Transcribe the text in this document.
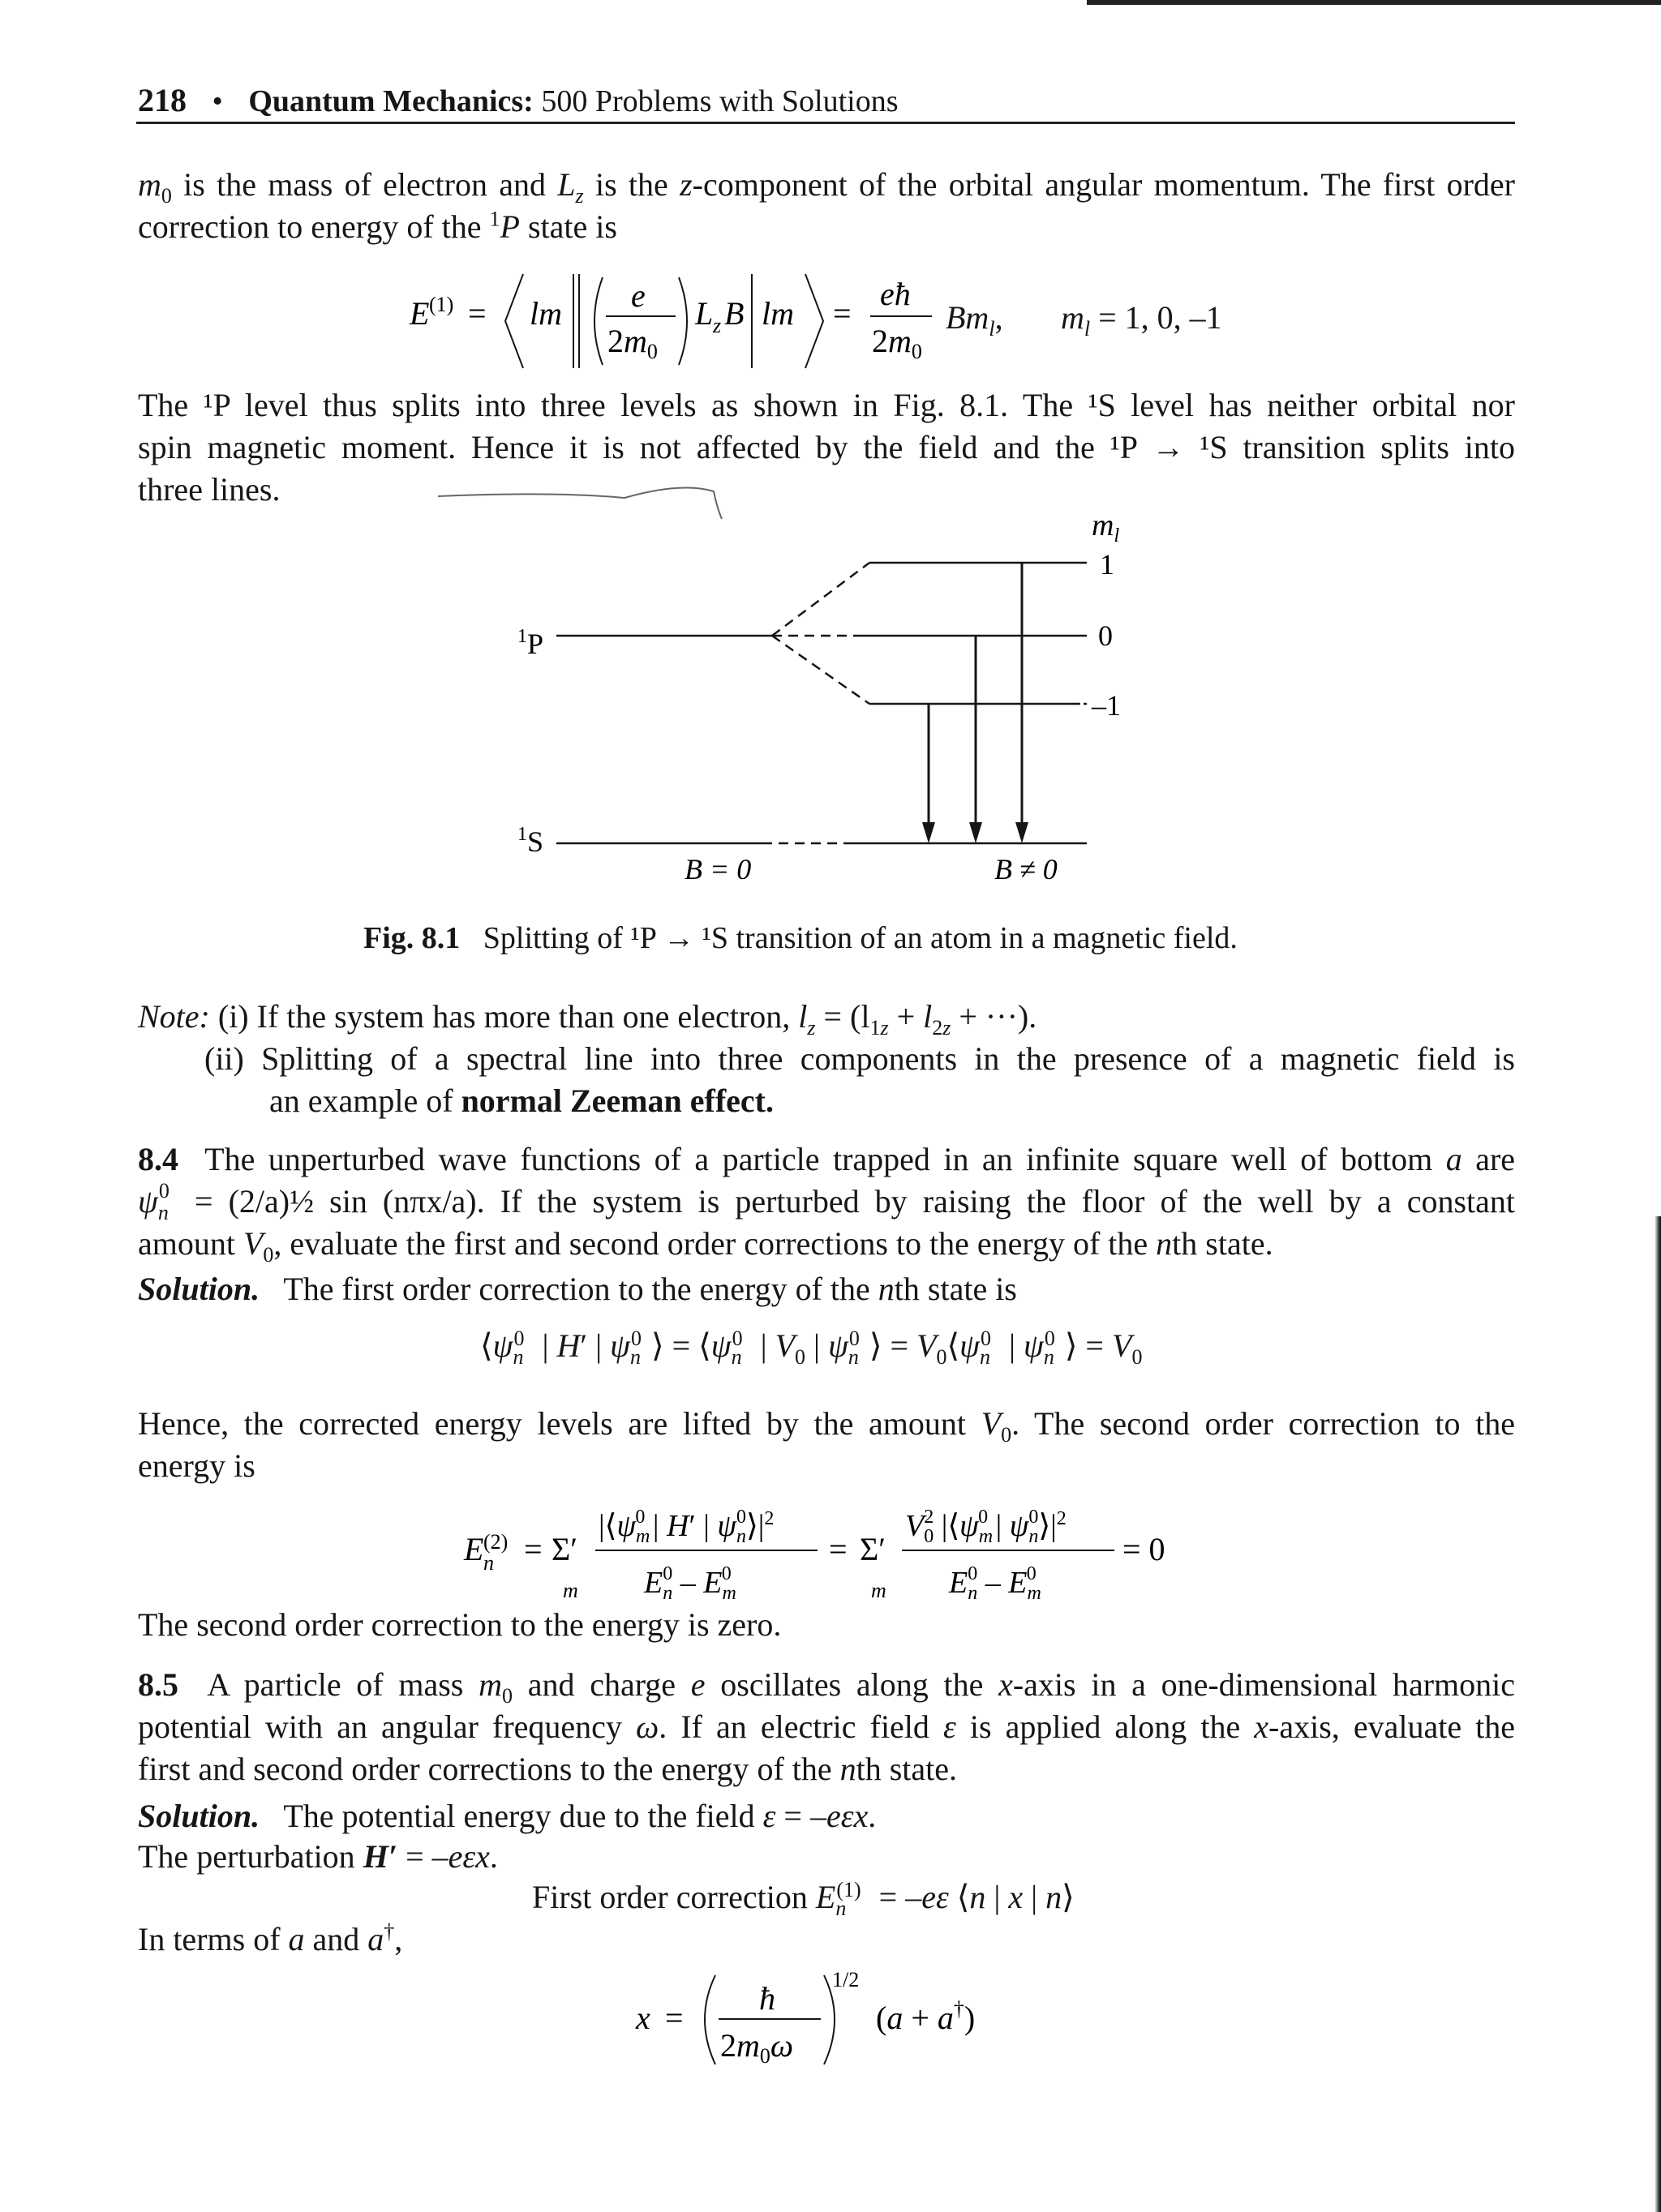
218 • Quantum Mechanics: 500 Problems with Solutions
$m_0$ is the mass of electron and $L_z$ is the z-component of the orbital angular momentum. The first order
correction to energy of the $^1$P state is
E (1) = lm e
$2m_0$
L z B lm =
eħ
$2m_0$
$Bm_l$, $m_l = 1$, 0, –1
The ¹P level thus splits into three levels as shown in Fig. 8.1. The ¹S level has neither orbital nor
spin magnetic moment. Hence it is not affected by the field and the ¹P → ¹S transition splits into
three lines.
$m_l$
1 P
1
0
–1
1 S
B = 0	B ≠ 0
Fig. 8.1 Splitting of ¹P → ¹S transition of an atom in a magnetic field.
Note: (i) If the system has more than one electron, $l_z = (l_{1z} + l_{2z}$ + ···).
(ii) Splitting of a spectral line into three components in the presence of a magnetic field is
an example of normal Zeeman effect.
8.4 The unperturbed wave functions of a particle trapped in an infinite square well of bottom a are
$\psi_n^0$ = (2/a)½ sin (nπx/a). If the system is perturbed by raising the floor of the well by a constant
amount $V_0$, evaluate the first and second order corrections to the energy of the nth state.
Solution. The first order correction to the energy of the nth state is
$⟨\psi_n^0$ | H′ | $\psi_n^0$ ⟩ = $⟨\psi_n^0$ | $V_0$ | $\psi_n^0$ ⟩ = $V_0⟨\psi_n^0$ | $\psi_n^0$ ⟩ = $V_0$
Hence, the corrected energy levels are lifted by the amount $V_0$. The second order correction to the
energy is
E (2)
n = Σ′
m
$|⟨\psi_m0$ | H′ | $\psi_n0⟩|^2$
$E_n0 - E_m0$
= Σ′
m
$V_02$ $|⟨\psi_m0$ | $\psi_n0⟩|^2$
$E_n0 - E_m0$
= 0
The second order correction to the energy is zero.
8.5 A particle of mass $m_0$ and charge e oscillates along the x-axis in a one-dimensional harmonic
potential with an angular frequency ω. If an electric field ε is applied along the x-axis, evaluate the
first and second order corrections to the energy of the nth state.
Solution. The potential energy due to the field ε = –eεx.
The perturbation H′ = –eεx.
First order correction $E_n^{(1)} = -e\varepsilon$ ⟨n | x | n⟩
In terms of a and a†,
x =
ħ
$2m_0\omega$
1/2
(a + a†)
